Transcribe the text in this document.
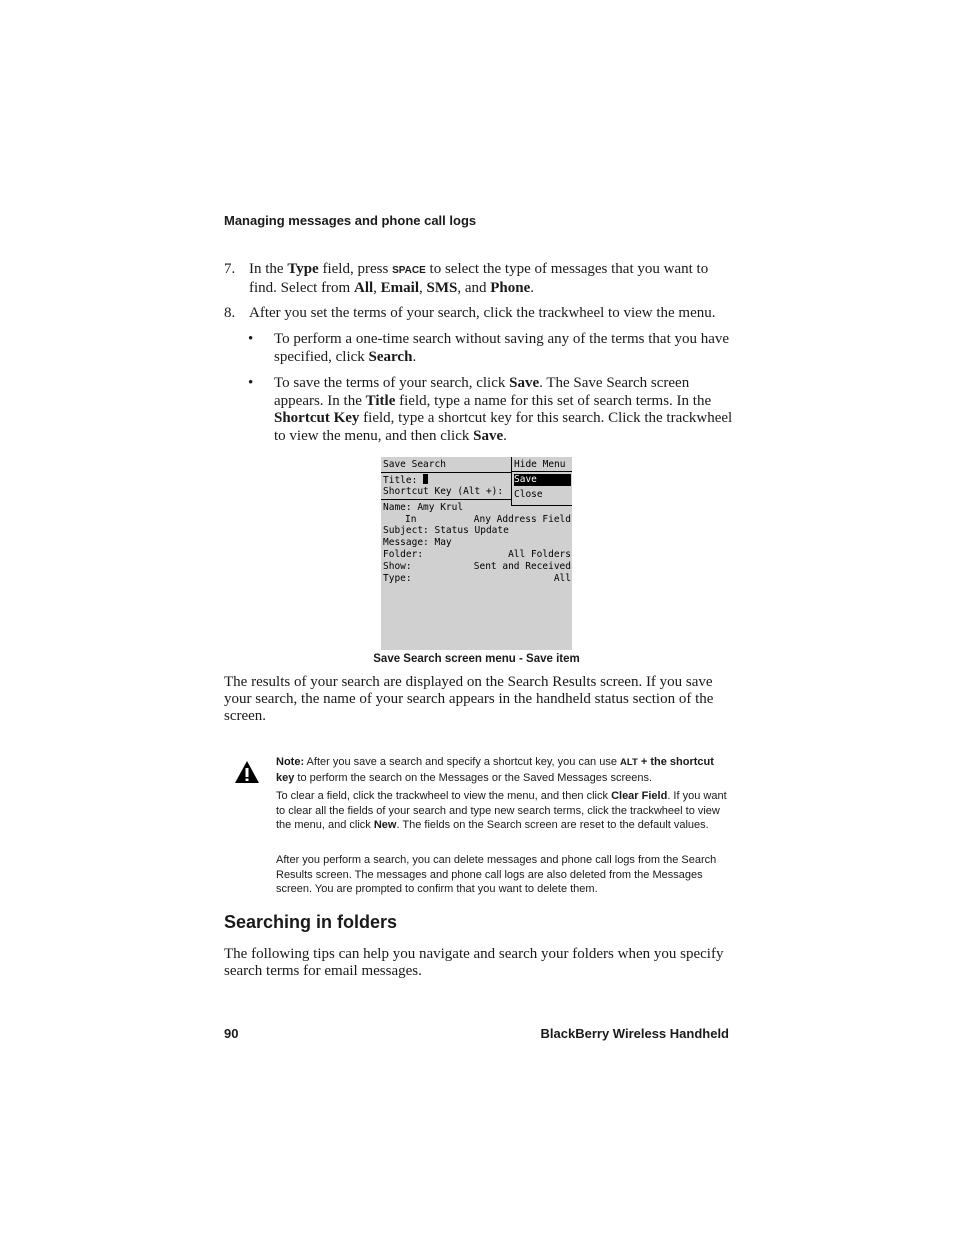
Managing messages and phone call logs
7. In the Type field, press SPACE to select the type of messages that you want to find. Select from All, Email, SMS, and Phone.
8. After you set the terms of your search, click the trackwheel to view the menu.
• To perform a one-time search without saving any of the terms that you have specified, click Search.
• To save the terms of your search, click Save. The Save Search screen appears. In the Title field, type a name for this set of search terms. In the Shortcut Key field, type a shortcut key for this search. Click the trackwheel to view the menu, and then click Save.
Save Search
Title:
Shortcut Key (Alt +):
Name: Amy Krul
In	Any Address Field
Subject: Status Update
Message: May
Folder:	All Folders
Show:	Sent and Received
Type:	All
Hide Menu
Save
Close
Save Search screen menu - Save item
The results of your search are displayed on the Search Results screen. If you save your search, the name of your search appears in the handheld status section of the screen.
Note: After you save a search and specify a shortcut key, you can use ALT + the shortcut key to perform the search on the Messages or the Saved Messages screens.
To clear a field, click the trackwheel to view the menu, and then click Clear Field. If you want to clear all the fields of your search and type new search terms, click the trackwheel to view the menu, and click New. The fields on the Search screen are reset to the default values.
After you perform a search, you can delete messages and phone call logs from the Search Results screen. The messages and phone call logs are also deleted from the Messages screen. You are prompted to confirm that you want to delete them.
Searching in folders
The following tips can help you navigate and search your folders when you specify search terms for email messages.
90	BlackBerry Wireless Handheld
